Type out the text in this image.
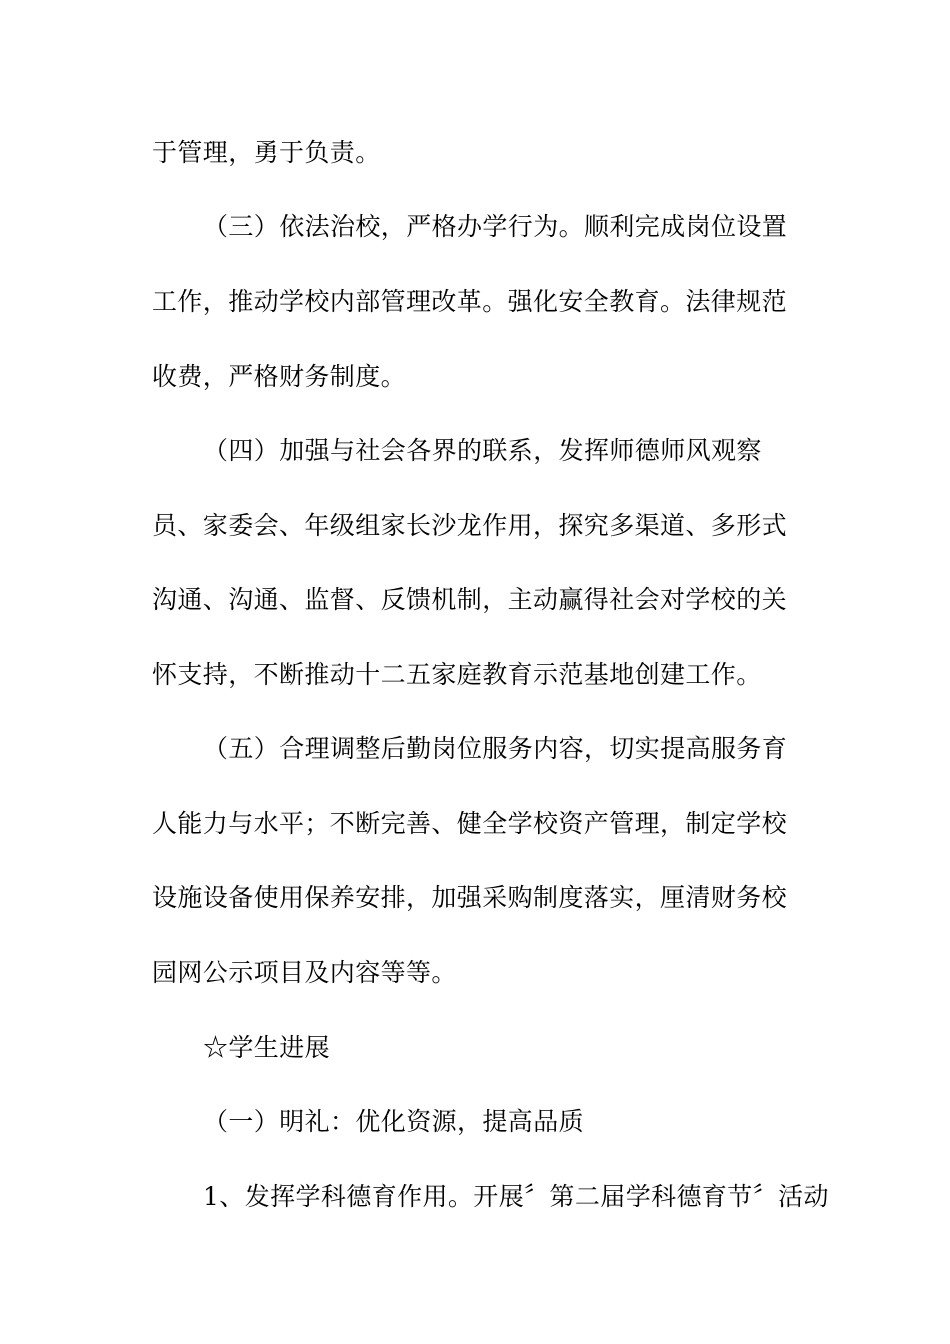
于管理，勇于负责。
（三）依法治校，严格办学行为。顺利完成岗位设置
工作，推动学校内部管理改革。强化安全教育。法律规范
收费，严格财务制度。
（四）加强与社会各界的联系，发挥师德师风观察
员、家委会、年级组家长沙龙作用，探究多渠道、多形式
沟通、沟通、监督、反馈机制，主动赢得社会对学校的关
怀支持，不断推动十二五家庭教育示范基地创建工作。
（五）合理调整后勤岗位服务内容，切实提高服务育
人能力与水平；不断完善、健全学校资产管理，制定学校
设施设备使用保养安排，加强采购制度落实，厘清财务校
园网公示项目及内容等等。
☆学生进展
（一）明礼：优化资源，提高品质
1、发挥学科德育作用。开展〞第二届学科德育节〞活动
